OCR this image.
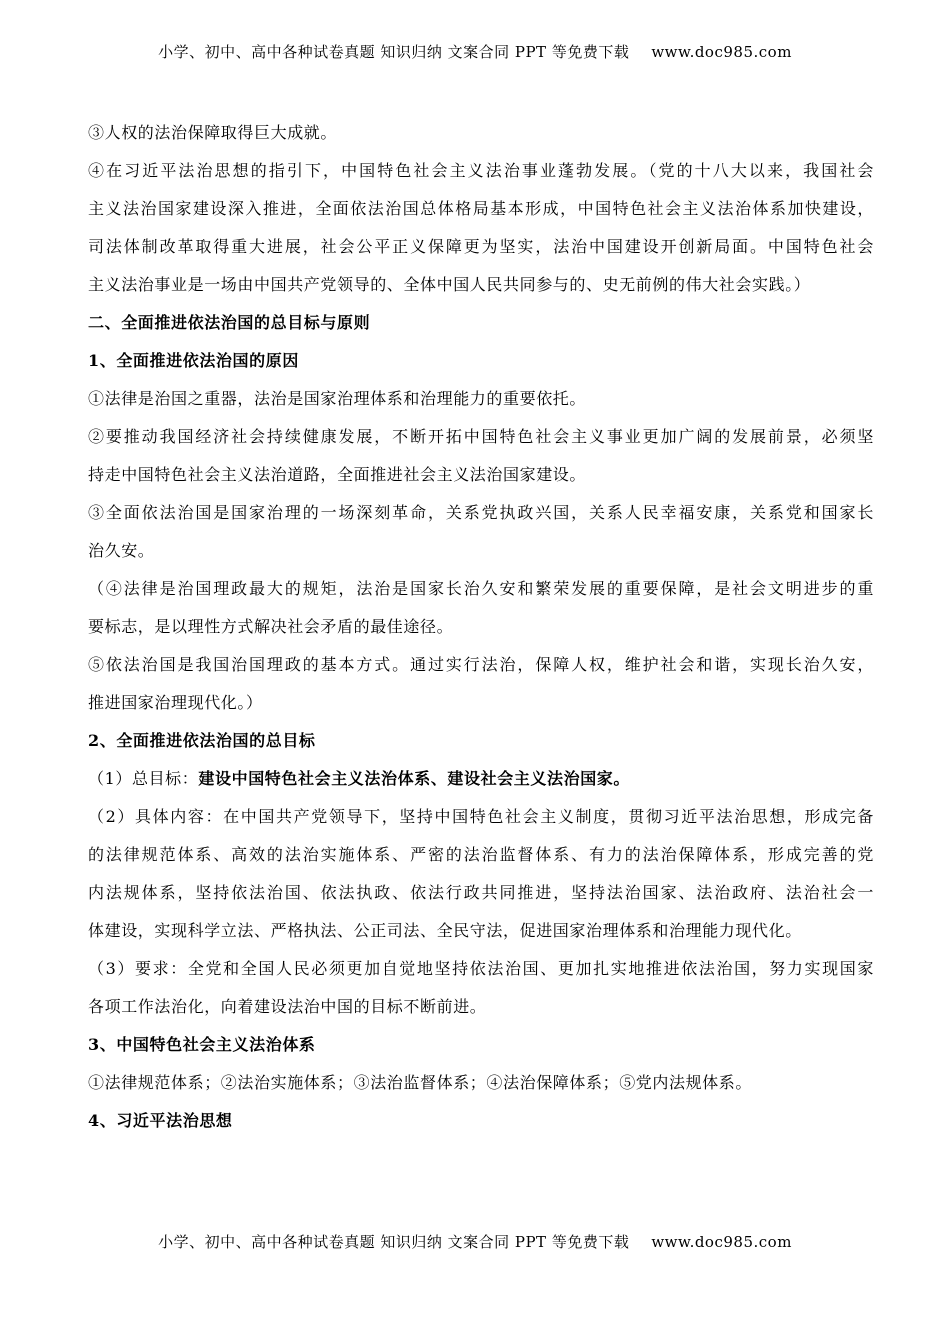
小学、初中、高中各种试卷真题 知识归纳 文案合同 PPT 等免费下载 www.doc985.com
③人权的法治保障取得巨大成就。
④在习近平法治思想的指引下，中国特色社会主义法治事业蓬勃发展。（党的十八大以来，我国社会
主义法治国家建设深入推进，全面依法治国总体格局基本形成，中国特色社会主义法治体系加快建设，
司法体制改革取得重大进展，社会公平正义保障更为坚实，法治中国建设开创新局面。中国特色社会
主义法治事业是一场由中国共产党领导的、全体中国人民共同参与的、史无前例的伟大社会实践。）
二、全面推进依法治国的总目标与原则
1、全面推进依法治国的原因
①法律是治国之重器，法治是国家治理体系和治理能力的重要依托。
②要推动我国经济社会持续健康发展，不断开拓中国特色社会主义事业更加广阔的发展前景，必须坚
持走中国特色社会主义法治道路，全面推进社会主义法治国家建设。
③全面依法治国是国家治理的一场深刻革命，关系党执政兴国，关系人民幸福安康，关系党和国家长
治久安。
（④法律是治国理政最大的规矩，法治是国家长治久安和繁荣发展的重要保障，是社会文明进步的重
要标志，是以理性方式解决社会矛盾的最佳途径。
⑤依法治国是我国治国理政的基本方式。通过实行法治，保障人权，维护社会和谐，实现长治久安，
推进国家治理现代化。）
2、全面推进依法治国的总目标
（1）总目标：建设中国特色社会主义法治体系、建设社会主义法治国家。
（2）具体内容：在中国共产党领导下，坚持中国特色社会主义制度，贯彻习近平法治思想，形成完备
的法律规范体系、高效的法治实施体系、严密的法治监督体系、有力的法治保障体系，形成完善的党
内法规体系，坚持依法治国、依法执政、依法行政共同推进，坚持法治国家、法治政府、法治社会一
体建设，实现科学立法、严格执法、公正司法、全民守法，促进国家治理体系和治理能力现代化。
（3）要求：全党和全国人民必须更加自觉地坚持依法治国、更加扎实地推进依法治国，努力实现国家
各项工作法治化，向着建设法治中国的目标不断前进。
3、中国特色社会主义法治体系
①法律规范体系；②法治实施体系；③法治监督体系；④法治保障体系；⑤党内法规体系。
4、习近平法治思想
小学、初中、高中各种试卷真题 知识归纳 文案合同 PPT 等免费下载 www.doc985.com
